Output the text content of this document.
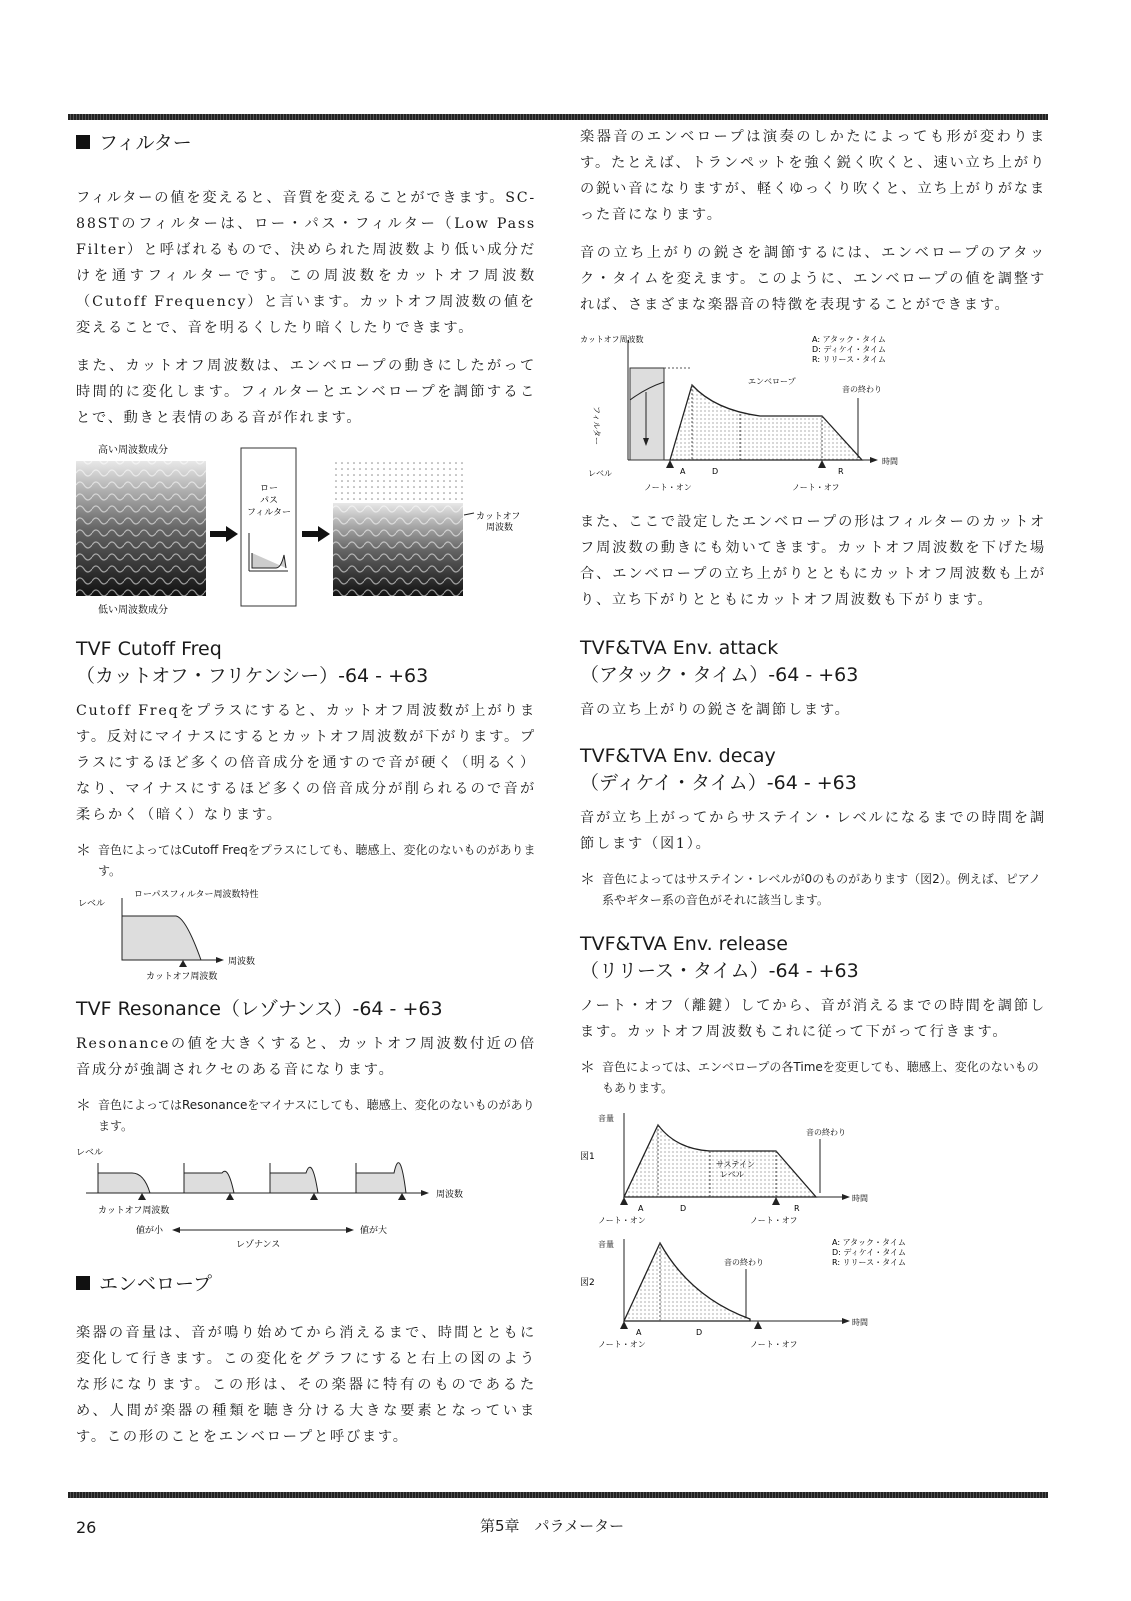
フィルター

フィルターの値を変えると、音質を変えることができます。SC-88STのフィルターは、ロー・パス・フィルター（Low Pass Filter）と呼ばれるもので、決められた周波数より低い成分だけを通すフィルターです。この周波数をカットオフ周波数（Cutoff Frequency）と言います。カットオフ周波数の値を変えることで、音を明るくしたり暗くしたりできます。

また、カットオフ周波数は、エンベロープの動きにしたがって時間的に変化します。フィルターとエンベロープを調節することで、動きと表情のある音が作れます。

高い周波数成分
低い周波数成分
ロー
パス
フィルター	カットオフ
周波数
TVF Cutoff Freq
（カットオフ・フリケンシー）-64 - +63

Cutoff Freqをプラスにすると、カットオフ周波数が上がります。反対にマイナスにするとカットオフ周波数が下がります。プラスにするほど多くの倍音成分を通すので音が硬く（明るく）なり、マイナスにするほど多くの倍音成分が削られるので音が柔らかく（暗く）なります。

＊ 音色によってはCutoff Freqをプラスにしても、聴感上、変化のないものがあります。
レベル
ローパスフィルター周波数特性
周波数
カットオフ周波数
TVF Resonance（レゾナンス）-64 - +63

Resonanceの値を大きくすると、カットオフ周波数付近の倍音成分が強調されクセのある音になります。

＊ 音色によってはResonanceをマイナスにしても、聴感上、変化のないものがあります。
レベル
周波数
カットオフ周波数
値が小	値が大
レゾナンス
エンベロープ

楽器の音量は、音が鳴り始めてから消えるまで、時間とともに変化して行きます。この変化をグラフにすると右上の図のような形になります。この形は、その楽器に特有のものであるため、人間が楽器の種類を聴き分ける大きな要素となっています。この形のことをエンベロープと呼びます。

楽器音のエンベロープは演奏のしかたによっても形が変わります。たとえば、トランペットを強く鋭く吹くと、速い立ち上がりの鋭い音になりますが、軽くゆっくり吹くと、立ち上がりがなまった音になります。

音の立ち上がりの鋭さを調節するには、エンベロープのアタック・タイムを変えます。このように、エンベロープの値を調整すれば、さまざまな楽器音の特徴を表現することができます。

カットオフ周波数	A: アタック・タイム
D: ディケイ・タイム
R: リリース・タイム
時間
レベル
フィルター
エンベロープ
音の終わり
A	D	R
ノート・オン	ノート・オフ

また、ここで設定したエンベロープの形はフィルターのカットオフ周波数の動きにも効いてきます。カットオフ周波数を下げた場合、エンベロープの立ち上がりとともにカットオフ周波数も上がり、立ち下がりとともにカットオフ周波数も下がります。

TVF&TVA Env. attack
（アタック・タイム）-64 - +63

音の立ち上がりの鋭さを調節します。

TVF&TVA Env. decay
（ディケイ・タイム）-64 - +63

音が立ち上がってからサステイン・レベルになるまでの時間を調節します（図1）。

＊ 音色によってはサステイン・レベルが0のものがあります（図2）。例えば、ピアノ系やギター系の音色がそれに該当します。
TVF&TVA Env. release
（リリース・タイム）-64 - +63

ノート・オフ（離鍵）してから、音が消えるまでの時間を調節します。カットオフ周波数もこれに従って下がって行きます。

＊ 音色によっては、エンベロープの各Timeを変更しても、聴感上、変化のないものもあります。
音量
図1
時間
サステイン
レベル
音の終わり
A	D	R
ノート・オン	ノート・オフ
音量
図2
A: アタック・タイム
D: ディケイ・タイム
R: リリース・タイム
時間
音の終わり
A	D
ノート・オン	ノート・オフ
26	第5章　パラメーター
